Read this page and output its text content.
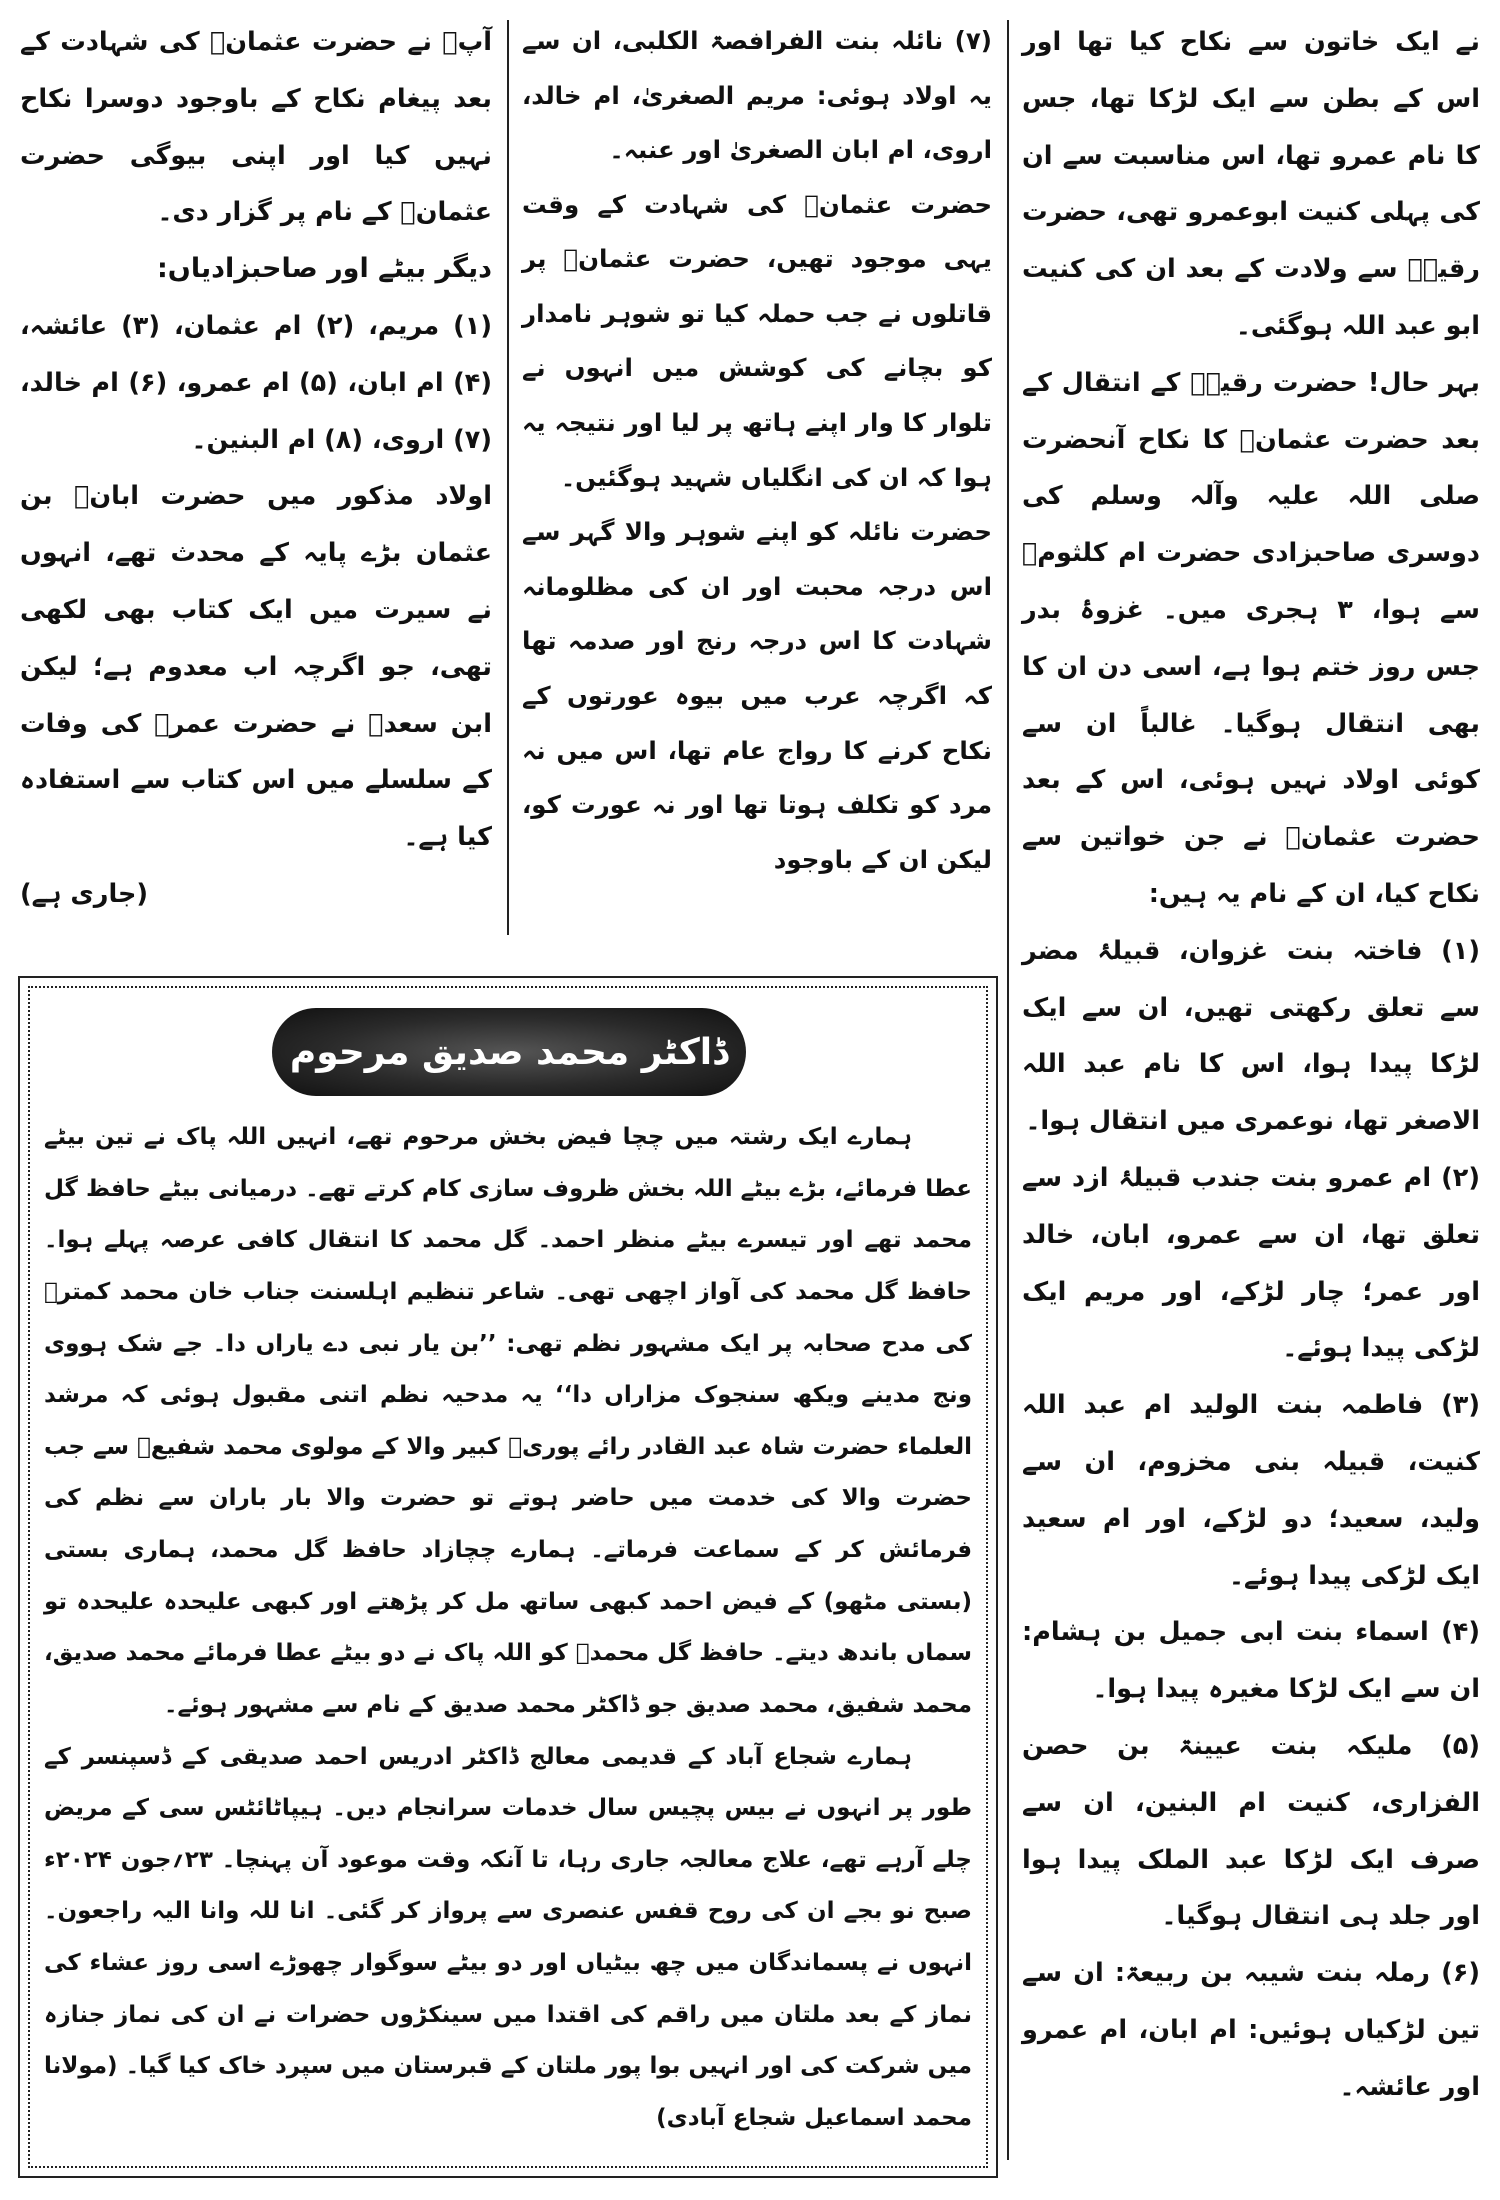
نے ایک خاتون سے نکاح کیا تھا اور اس کے بطن سے ایک لڑکا تھا، جس کا نام عمرو تھا، اس مناسبت سے ان کی پہلی کنیت ابوعمرو تھی، حضرت رقیہؓ سے ولادت کے بعد ان کی کنیت ابو عبد اللہ ہوگئی۔

بہر حال! حضرت رقیہؓ کے انتقال کے بعد حضرت عثمانؓ کا نکاح آنحضرت صلی اللہ علیہ وآلہ وسلم کی دوسری صاحبزادی حضرت ام کلثومؓ سے ہوا، ۳ ہجری میں۔ غزوۂ بدر جس روز ختم ہوا ہے، اسی دن ان کا بھی انتقال ہوگیا۔ غالباً ان سے کوئی اولاد نہیں ہوئی، اس کے بعد حضرت عثمانؓ نے جن خواتین سے نکاح کیا، ان کے نام یہ ہیں:

(۱) فاختہ بنت غزوان، قبیلۂ مضر سے تعلق رکھتی تھیں، ان سے ایک لڑکا پیدا ہوا، اس کا نام عبد اللہ الاصغر تھا، نوعمری میں انتقال ہوا۔

(۲) ام عمرو بنت جندب قبیلۂ ازد سے تعلق تھا، ان سے عمرو، ابان، خالد اور عمر؛ چار لڑکے، اور مریم ایک لڑکی پیدا ہوئے۔

(۳) فاطمہ بنت الولید ام عبد اللہ کنیت، قبیلہ بنی مخزوم، ان سے ولید، سعید؛ دو لڑکے، اور ام سعید ایک لڑکی پیدا ہوئے۔

(۴) اسماء بنت ابی جمیل بن ہشام: ان سے ایک لڑکا مغیرہ پیدا ہوا۔

(۵) ملیکہ بنت عیینۃ بن حصن الفزاری، کنیت ام البنین، ان سے صرف ایک لڑکا عبد الملک پیدا ہوا اور جلد ہی انتقال ہوگیا۔

(۶) رملہ بنت شیبہ بن ربیعۃ: ان سے تین لڑکیاں ہوئیں: ام ابان، ام عمرو اور عائشہ۔

(۷) نائلہ بنت الفرافصۃ الکلبی، ان سے یہ اولاد ہوئی: مریم الصغریٰ، ام خالد، اروی، ام ابان الصغریٰ اور عنبہ۔

حضرت عثمانؓ کی شہادت کے وقت یہی موجود تھیں، حضرت عثمانؓ پر قاتلوں نے جب حملہ کیا تو شوہر نامدار کو بچانے کی کوشش میں انہوں نے تلوار کا وار اپنے ہاتھ پر لیا اور نتیجہ یہ ہوا کہ ان کی انگلیاں شہید ہوگئیں۔

حضرت نائلہ کو اپنے شوہر والا گہر سے اس درجہ محبت اور ان کی مظلومانہ شہادت کا اس درجہ رنج اور صدمہ تھا کہ اگرچہ عرب میں بیوہ عورتوں کے نکاح کرنے کا رواج عام تھا، اس میں نہ مرد کو تکلف ہوتا تھا اور نہ عورت کو، لیکن ان کے باوجود

آپؓ نے حضرت عثمانؓ کی شہادت کے بعد پیغام نکاح کے باوجود دوسرا نکاح نہیں کیا اور اپنی بیوگی حضرت عثمانؓ کے نام پر گزار دی۔

دیگر بیٹے اور صاحبزادیاں:

(۱) مریم، (۲) ام عثمان، (۳) عائشہ، (۴) ام ابان، (۵) ام عمرو، (۶) ام خالد، (۷) اروی، (۸) ام البنین۔

اولاد مذکور میں حضرت ابانؓ بن عثمان بڑے پایہ کے محدث تھے، انہوں نے سیرت میں ایک کتاب بھی لکھی تھی، جو اگرچہ اب معدوم ہے؛ لیکن ابن سعدؒ نے حضرت عمرؓ کی وفات کے سلسلے میں اس کتاب سے استفادہ کیا ہے۔

(جاری ہے)

ڈاکٹر محمد صدیق مرحوم

ہمارے ایک رشتہ میں چچا فیض بخش مرحوم تھے، انہیں اللہ پاک نے تین بیٹے عطا فرمائے، بڑے بیٹے اللہ بخش ظروف سازی کام کرتے تھے۔ درمیانی بیٹے حافظ گل محمد تھے اور تیسرے بیٹے منظر احمد۔ گل محمد کا انتقال کافی عرصہ پہلے ہوا۔ حافظ گل محمد کی آواز اچھی تھی۔ شاعر تنظیم اہلسنت جناب خان محمد کمترؒ کی مدح صحابہ پر ایک مشہور نظم تھی: ’’بن یار نبی دے یاراں دا۔ جے شک ہووی ونج مدینے ویکھ سنجوک مزاراں دا‘‘ یہ مدحیہ نظم اتنی مقبول ہوئی کہ مرشد العلماء حضرت شاہ عبد القادر رائے پوریؒ کبیر والا کے مولوی محمد شفیعؒ سے جب حضرت والا کی خدمت میں حاضر ہوتے تو حضرت والا بار باران سے نظم کی فرمائش کر کے سماعت فرماتے۔ ہمارے چچازاد حافظ گل محمد، ہماری بستی (بستی مٹھو) کے فیض احمد کبھی ساتھ مل کر پڑھتے اور کبھی علیحدہ علیحدہ تو سماں باندھ دیتے۔ حافظ گل محمدؒ کو اللہ پاک نے دو بیٹے عطا فرمائے محمد صدیق، محمد شفیق، محمد صدیق جو ڈاکٹر محمد صدیق کے نام سے مشہور ہوئے۔

ہمارے شجاع آباد کے قدیمی معالج ڈاکٹر ادریس احمد صدیقی کے ڈسپنسر کے طور پر انہوں نے بیس پچیس سال خدمات سرانجام دیں۔ ہیپاٹائٹس سی کے مریض چلے آرہے تھے، علاج معالجہ جاری رہا، تا آنکہ وقت موعود آن پہنچا۔ ۲۳؍جون ۲۰۲۴ء صبح نو بجے ان کی روح قفس عنصری سے پرواز کر گئی۔ انا للہ وانا الیہ راجعون۔ انہوں نے پسماندگان میں چھ بیٹیاں اور دو بیٹے سوگوار چھوڑے اسی روز عشاء کی نماز کے بعد ملتان میں راقم کی اقتدا میں سینکڑوں حضرات نے ان کی نماز جنازہ میں شرکت کی اور انہیں بوا پور ملتان کے قبرستان میں سپرد خاک کیا گیا۔ (مولانا محمد اسماعیل شجاع آبادی)
